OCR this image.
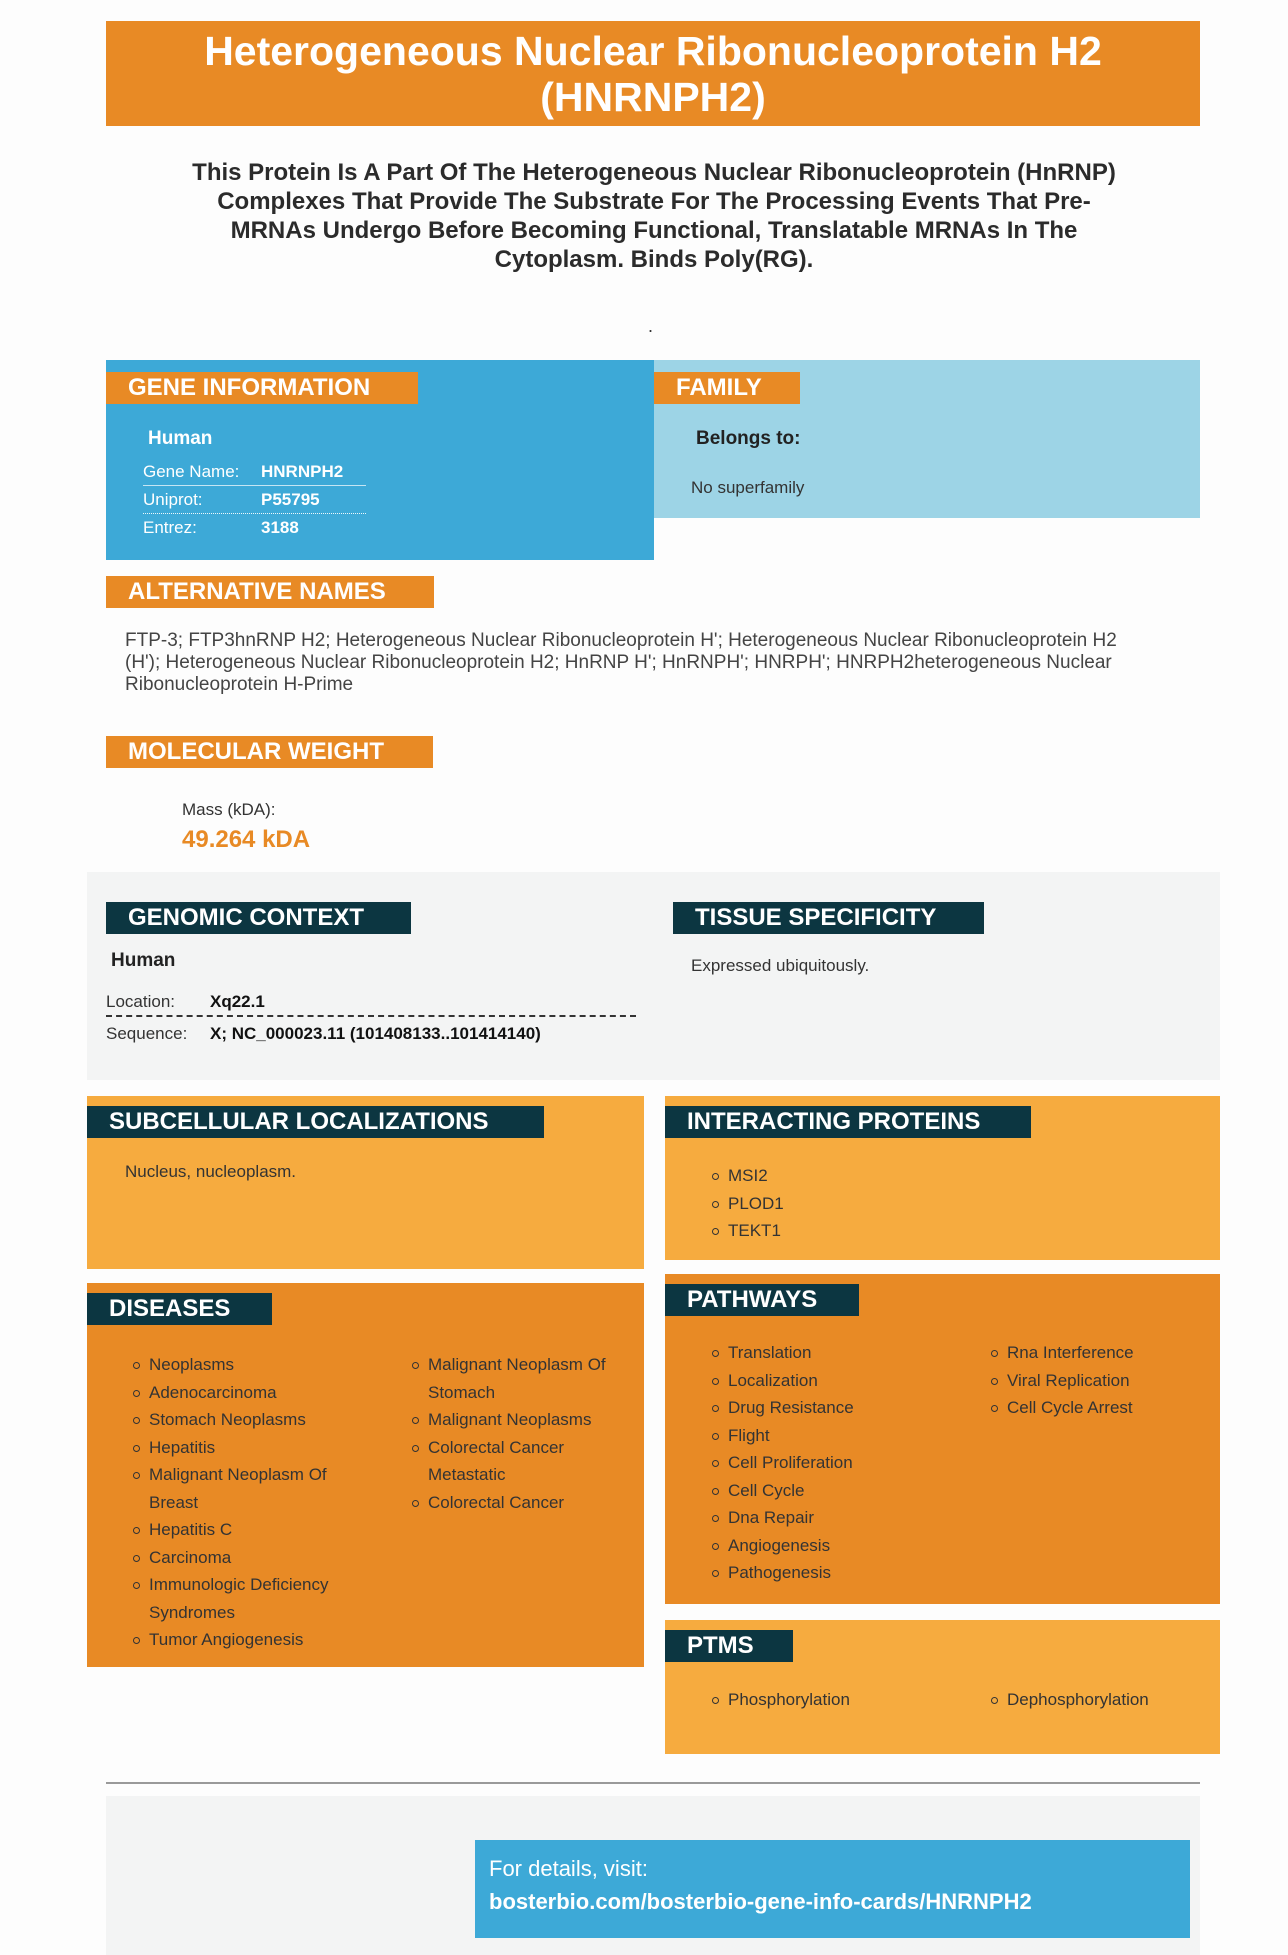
Heterogeneous Nuclear Ribonucleoprotein H2
(HNRNPH2)
This Protein Is A Part Of The Heterogeneous Nuclear Ribonucleoprotein (HnRNP)
Complexes That Provide The Substrate For The Processing Events That Pre-
MRNAs Undergo Before Becoming Functional, Translatable MRNAs In The
Cytoplasm. Binds Poly(RG).
.
GENE INFORMATION
Human
Gene Name:	HNRNPH2
Uniprot:	P55795
Entrez:	3188
FAMILY
Belongs to:
No superfamily
ALTERNATIVE NAMES
FTP-3; FTP3hnRNP H2; Heterogeneous Nuclear Ribonucleoprotein H'; Heterogeneous Nuclear Ribonucleoprotein H2
(H'); Heterogeneous Nuclear Ribonucleoprotein H2; HnRNP H'; HnRNPH'; HNRPH'; HNRPH2heterogeneous Nuclear
Ribonucleoprotein H-Prime
MOLECULAR WEIGHT
Mass (kDA):
49.264 kDA
GENOMIC CONTEXT
Human
Location:	Xq22.1
Sequence:	X; NC_000023.11 (101408133..101414140)
TISSUE SPECIFICITY
Expressed ubiquitously.
SUBCELLULAR LOCALIZATIONS
Nucleus, nucleoplasm.
INTERACTING PROTEINS
MSI2
PLOD1
TEKT1
DISEASES
Neoplasms
Adenocarcinoma
Stomach Neoplasms
Hepatitis
Malignant Neoplasm Of Breast
Hepatitis C
Carcinoma
Immunologic Deficiency Syndromes
Tumor Angiogenesis
Malignant Neoplasm Of Stomach
Malignant Neoplasms
Colorectal Cancer Metastatic
Colorectal Cancer
PATHWAYS
Translation
Localization
Drug Resistance
Flight
Cell Proliferation
Cell Cycle
Dna Repair
Angiogenesis
Pathogenesis
Rna Interference
Viral Replication
Cell Cycle Arrest
PTMS
Phosphorylation	Dephosphorylation
For details, visit:
bosterbio.com/bosterbio-gene-info-cards/HNRNPH2
